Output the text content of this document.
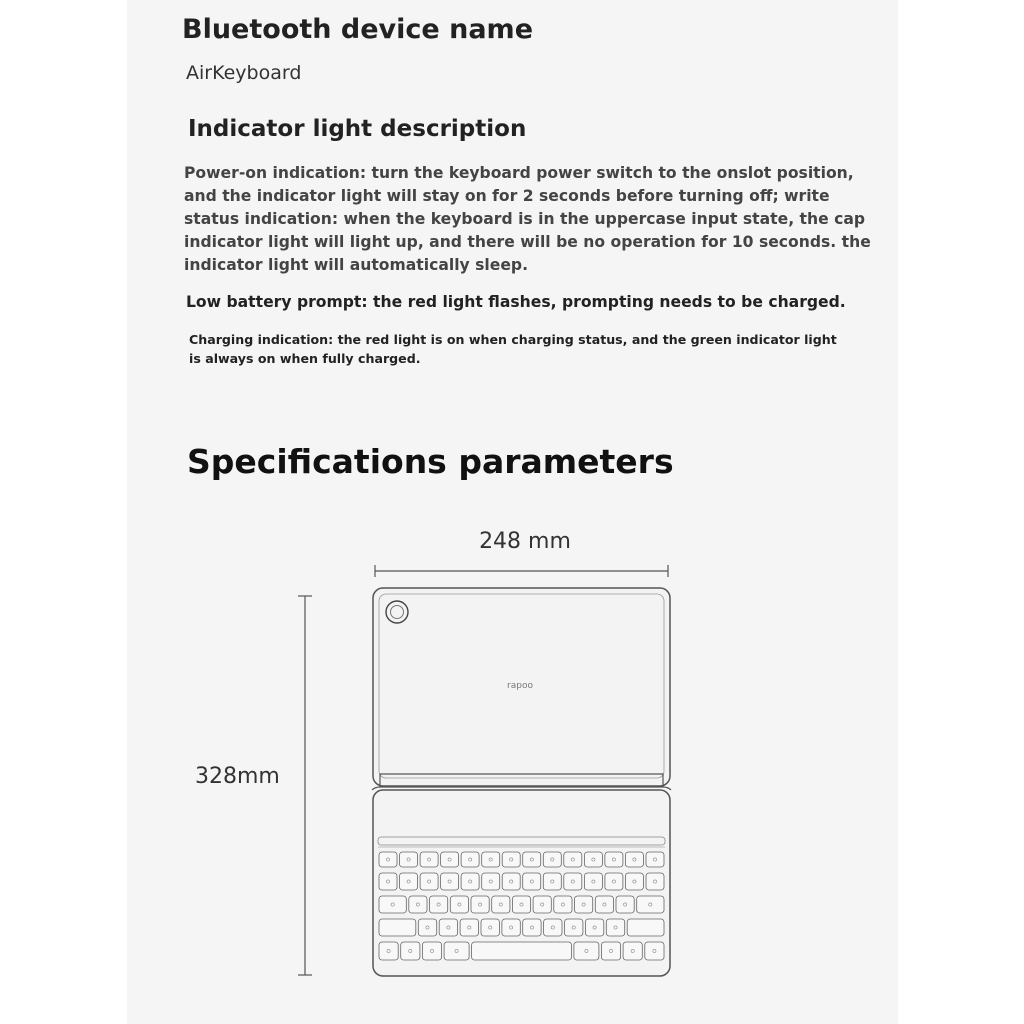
Bluetooth device name
AirKeyboard
Indicator light description

Power-on indication: turn the keyboard power switch to the onslot position, and the indicator light will stay on for 2 seconds before turning off; write status indication: when the keyboard is in the uppercase input state, the cap indicator light will light up, and there will be no operation for 10 seconds. the indicator light will automatically sleep.

Low battery prompt: the red light flashes, prompting needs to be charged.

Charging indication: the red light is on when charging status, and the green indicator light is always on when fully charged.

Specifications parameters
248 mm
328mm
rapoo
